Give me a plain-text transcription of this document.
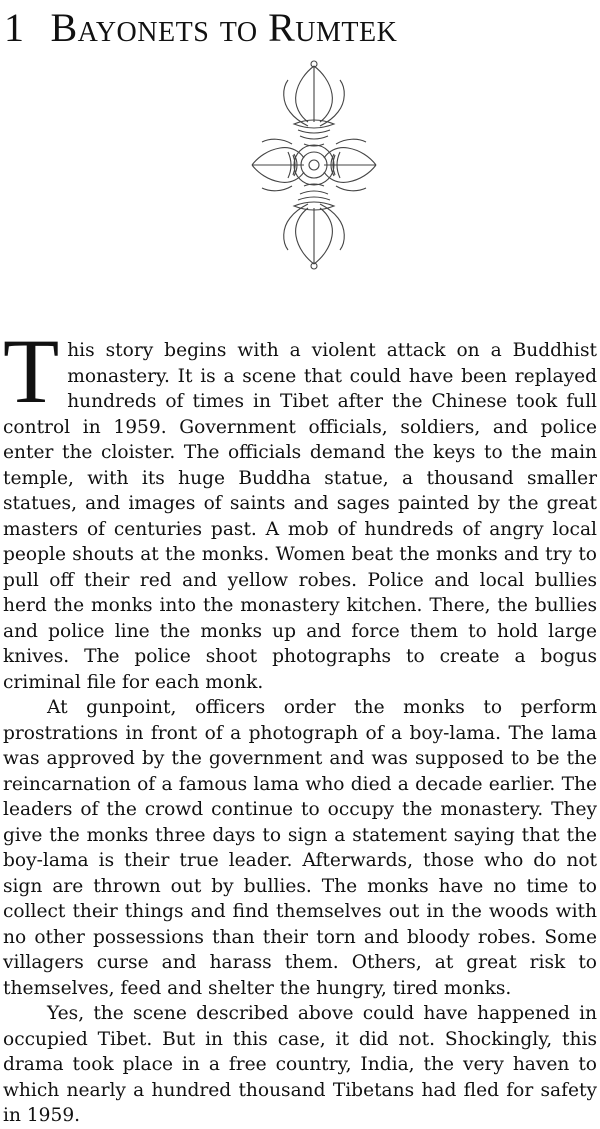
1 Bayonets to Rumtek

This story begins with a violent attack on a Buddhist monastery. It is a scene that could have been replayed hundreds of times in Tibet after the Chinese took full control in 1959. Government officials, soldiers, and police enter the cloister. The officials demand the keys to the main temple, with its huge Buddha statue, a thousand smaller statues, and images of saints and sages painted by the great masters of centuries past. A mob of hundreds of angry local people shouts at the monks. Women beat the monks and try to pull off their red and yellow robes. Police and local bullies herd the monks into the monastery kitchen. There, the bullies and police line the monks up and force them to hold large knives. The police shoot photographs to create a bogus criminal file for each monk.

At gunpoint, officers order the monks to perform prostrations in front of a photograph of a boy-lama. The lama was approved by the government and was supposed to be the reincarnation of a famous lama who died a decade earlier. The leaders of the crowd continue to occupy the monastery. They give the monks three days to sign a statement saying that the boy-lama is their true leader. Afterwards, those who do not sign are thrown out by bullies. The monks have no time to collect their things and find themselves out in the woods with no other possessions than their torn and bloody robes. Some villagers curse and harass them. Others, at great risk to themselves, feed and shelter the hungry, tired monks.

Yes, the scene described above could have happened in occupied Tibet. But in this case, it did not. Shockingly, this drama took place in a free country, India, the very haven to which nearly a hundred thousand Tibetans had fled for safety in 1959.
